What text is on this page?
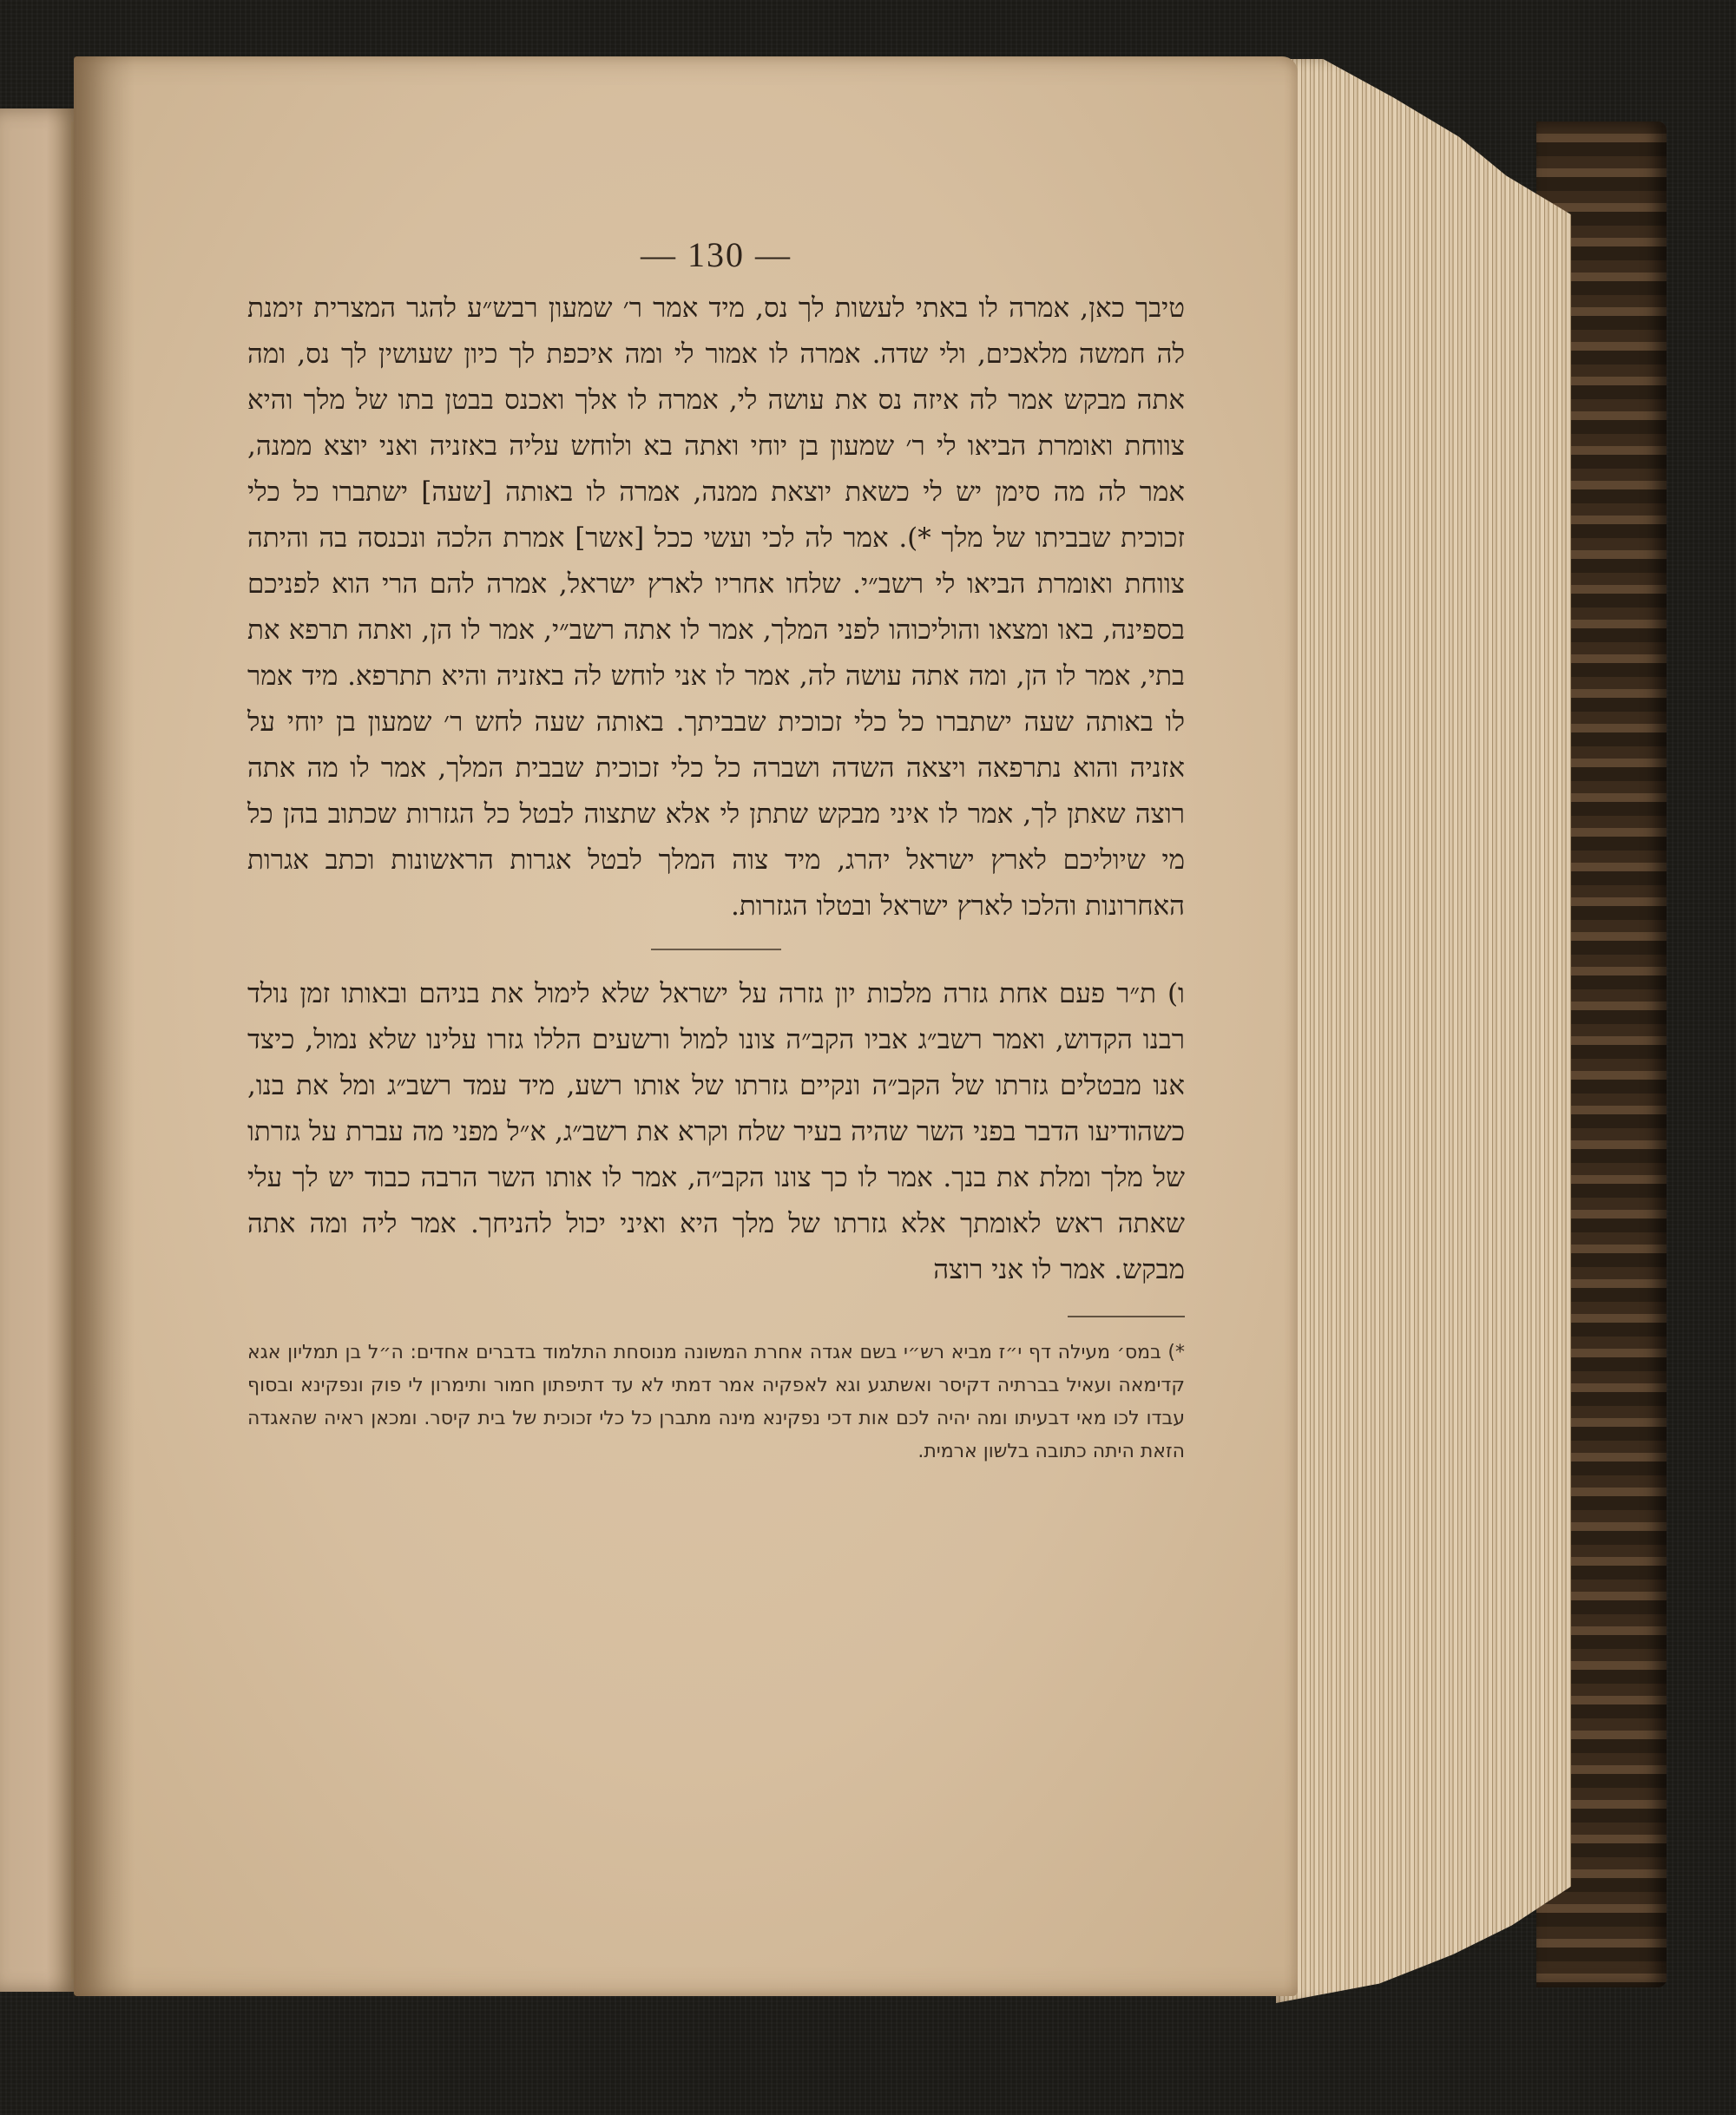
— 130 —

טיבך כאן, אמרה לו באתי לעשות לך נס, מיד אמר ר׳ שמעון רבש״ע להגר המצרית זימנת לה חמשה מלאכים, ולי שדה. אמרה לו אמור לי ומה איכפת לך כיון שעושין לך נס, ומה אתה מבקש אמר לה איזה נס את עושה לי, אמרה לו אלך ואכנס בבטן בתו של מלך והיא צווחת ואומרת הביאו לי ר׳ שמעון בן יוחי ואתה בא ולוחש עליה באזניה ואני יוצא ממנה, אמר לה מה סימן יש לי כשאת יוצאת ממנה, אמרה לו באותה [שעה] ישתברו כל כלי זכוכית שבביתו של מלך *). אמר לה לכי ועשי ככל [אשר] אמרת הלכה ונכנסה בה והיתה צווחת ואומרת הביאו לי רשב״י. שלחו אחריו לארץ ישראל, אמרה להם הרי הוא לפניכם בספינה, באו ומצאו והוליכוהו לפני המלך, אמר לו אתה רשב״י, אמר לו הן, ואתה תרפא את בתי, אמר לו הן, ומה אתה עושה לה, אמר לו אני לוחש לה באזניה והיא תתרפא. מיד אמר לו באותה שעה ישתברו כל כלי זכוכית שבביתך. באותה שעה לחש ר׳ שמעון בן יוחי על אזניה והוא נתרפאה ויצאה השדה ושברה כל כלי זכוכית שבבית המלך, אמר לו מה אתה רוצה שאתן לך, אמר לו איני מבקש שתתן לי אלא שתצוה לבטל כל הגזרות שכתוב בהן כל מי שיוליכם לארץ ישראל יהרג, מיד צוה המלך לבטל אגרות הראשונות וכתב אגרות האחרונות והלכו לארץ ישראל ובטלו הגזרות.

ו) ת״ר פעם אחת גזרה מלכות יון גזרה על ישראל שלא לימול את בניהם ובאותו זמן נולד רבנו הקדוש, ואמר רשב״ג אביו הקב״ה צונו למול ורשעים הללו גזרו עלינו שלא נמול, כיצד אנו מבטלים גזרתו של הקב״ה ונקיים גזרתו של אותו רשע, מיד עמד רשב״ג ומל את בנו, כשהודיעו הדבר בפני השר שהיה בעיר שלח וקרא את רשב״ג, א״ל מפני מה עברת על גזרתו של מלך ומלת את בנך. אמר לו כך צונו הקב״ה, אמר לו אותו השר הרבה כבוד יש לך עלי שאתה ראש לאומתך אלא גזרתו של מלך היא ואיני יכול להניחך. אמר ליה ומה אתה מבקש. אמר לו אני רוצה

*) במס׳ מעילה דף י״ז מביא רש״י בשם אגדה אחרת המשונה מנוסחת התלמוד בדברים אחדים: ה״ל בן תמליון אגא קדימאה ועאיל בברתיה דקיסר ואשתגע וגא לאפקיה אמר דמתי לא עד דתיפתון חמור ותימרון לי פוק ונפקינא ובסוף עבדו לכו מאי דבעיתו ומה יהיה לכם אות דכי נפקינא מינה מתברן כל כלי זכוכית של בית קיסר. ומכאן ראיה שהאגדה הזאת היתה כתובה בלשון ארמית.
